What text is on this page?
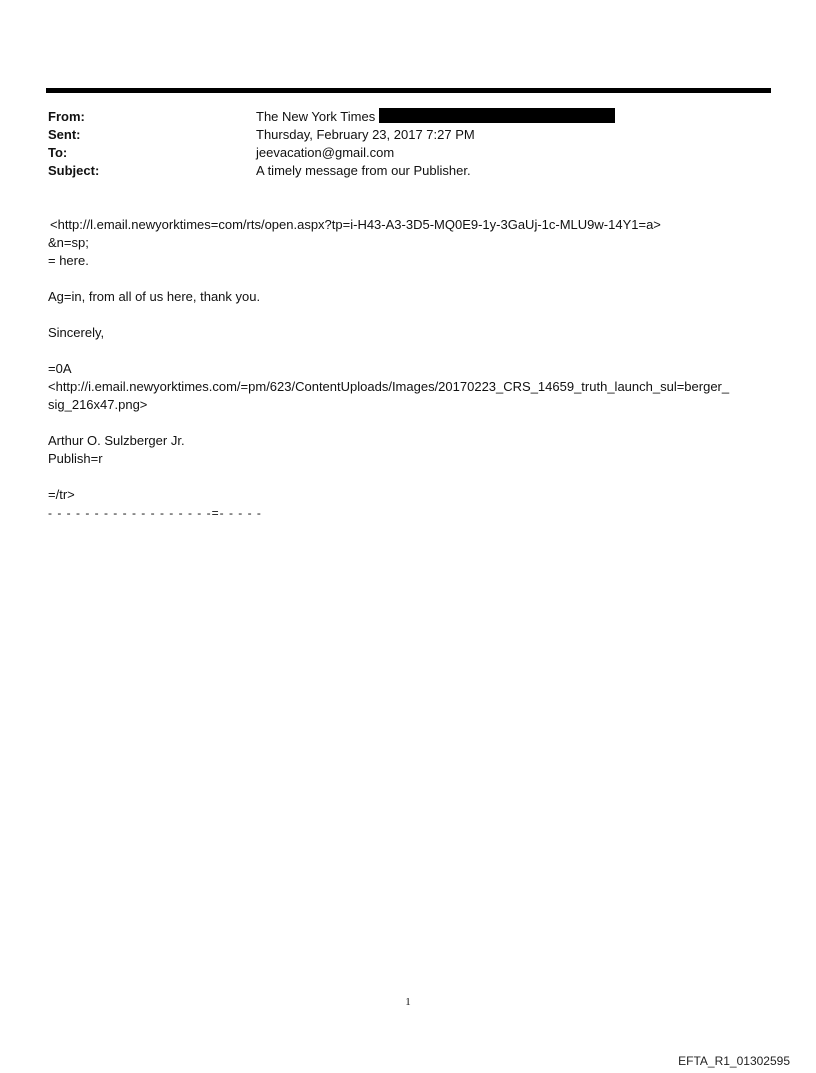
From:	The New York Times
Sent:	Thursday, February 23, 2017 7:27 PM
To:	jeevacation@gmail.com
Subject:	A timely message from our Publisher.

<http://l.email.newyorktimes=com/rts/open.aspx?tp=i-H43-A3-3D5-MQ0E9-1y-3GaUj-1c-MLU9w-14Y1=a>

&n=sp;

= here.

Ag=in, from all of us here, thank you.

Sincerely,

=0A

<http://i.email.newyorktimes.com/=pm/623/ContentUploads/Images/20170223_CRS_14659_truth_launch_sul=berger_

sig_216x47.png>

Arthur O. Sulzberger Jr.

Publish=r

=/tr>

- - - - - - - - - - - - - - - - - -=- - - - -

1
EFTA_R1_01302595
